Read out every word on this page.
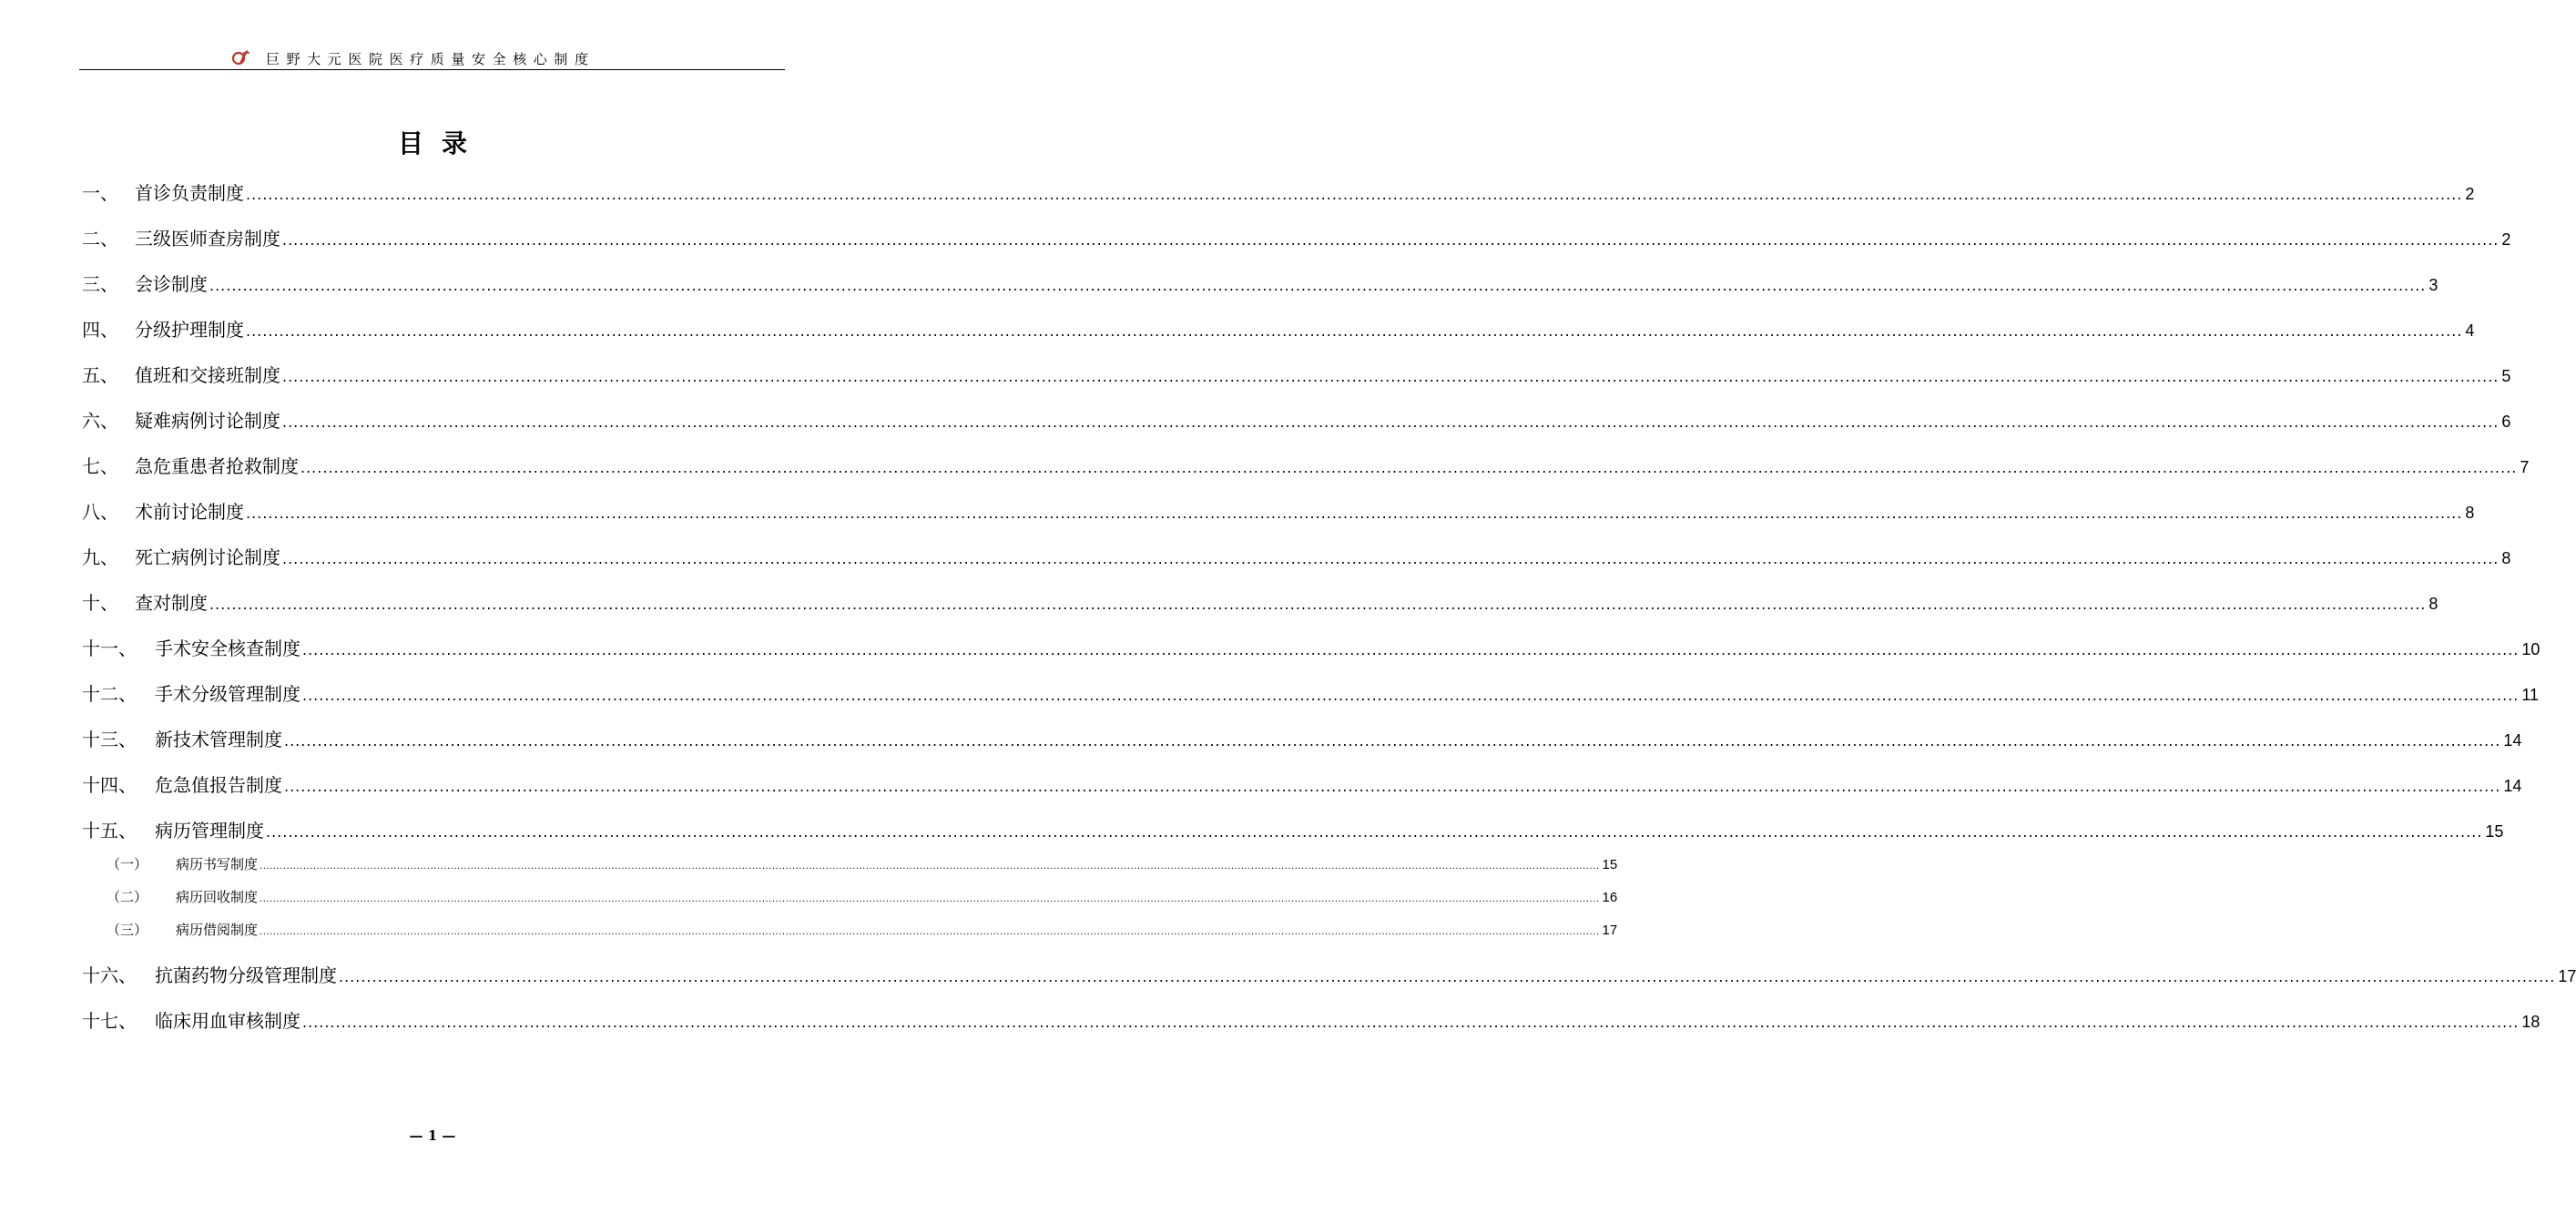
巨野大元医院医疗质量安全核心制度
目录
一、 首诊负责制度 ................................................................................................................................................................................................................................................................................................................................................................................................................ 2
二、 三级医师查房制度 ................................................................................................................................................................................................................................................................................................................................................................................................................ 2
三、 会诊制度 ................................................................................................................................................................................................................................................................................................................................................................................................................ 3
四、 分级护理制度 ................................................................................................................................................................................................................................................................................................................................................................................................................ 4
五、 值班和交接班制度 ................................................................................................................................................................................................................................................................................................................................................................................................................ 5
六、 疑难病例讨论制度 ................................................................................................................................................................................................................................................................................................................................................................................................................ 6
七、 急危重患者抢救制度 ................................................................................................................................................................................................................................................................................................................................................................................................................ 7
八、 术前讨论制度 ................................................................................................................................................................................................................................................................................................................................................................................................................ 8
九、 死亡病例讨论制度 ................................................................................................................................................................................................................................................................................................................................................................................................................ 8
十、 查对制度 ................................................................................................................................................................................................................................................................................................................................................................................................................ 8
十一、	手术安全核查制度 ................................................................................................................................................................................................................................................................................................................................................................................................................ 10
十二、	手术分级管理制度 ................................................................................................................................................................................................................................................................................................................................................................................................................ 11
十三、	新技术管理制度 ................................................................................................................................................................................................................................................................................................................................................................................................................ 14
十四、	危急值报告制度 ................................................................................................................................................................................................................................................................................................................................................................................................................ 14
十五、	病历管理制度 ................................................................................................................................................................................................................................................................................................................................................................................................................ 15
（一）	病历书写制度 ................................................................................................................................................................................................................................................................................................................................................................................................................ 15
（二）	病历回收制度 ................................................................................................................................................................................................................................................................................................................................................................................................................ 16
（三）	病历借阅制度 ................................................................................................................................................................................................................................................................................................................................................................................................................ 17
十六、	抗菌药物分级管理制度 ................................................................................................................................................................................................................................................................................................................................................................................................................ 17
十七、	临床用血审核制度 ................................................................................................................................................................................................................................................................................................................................................................................................................ 18
— 1 —
